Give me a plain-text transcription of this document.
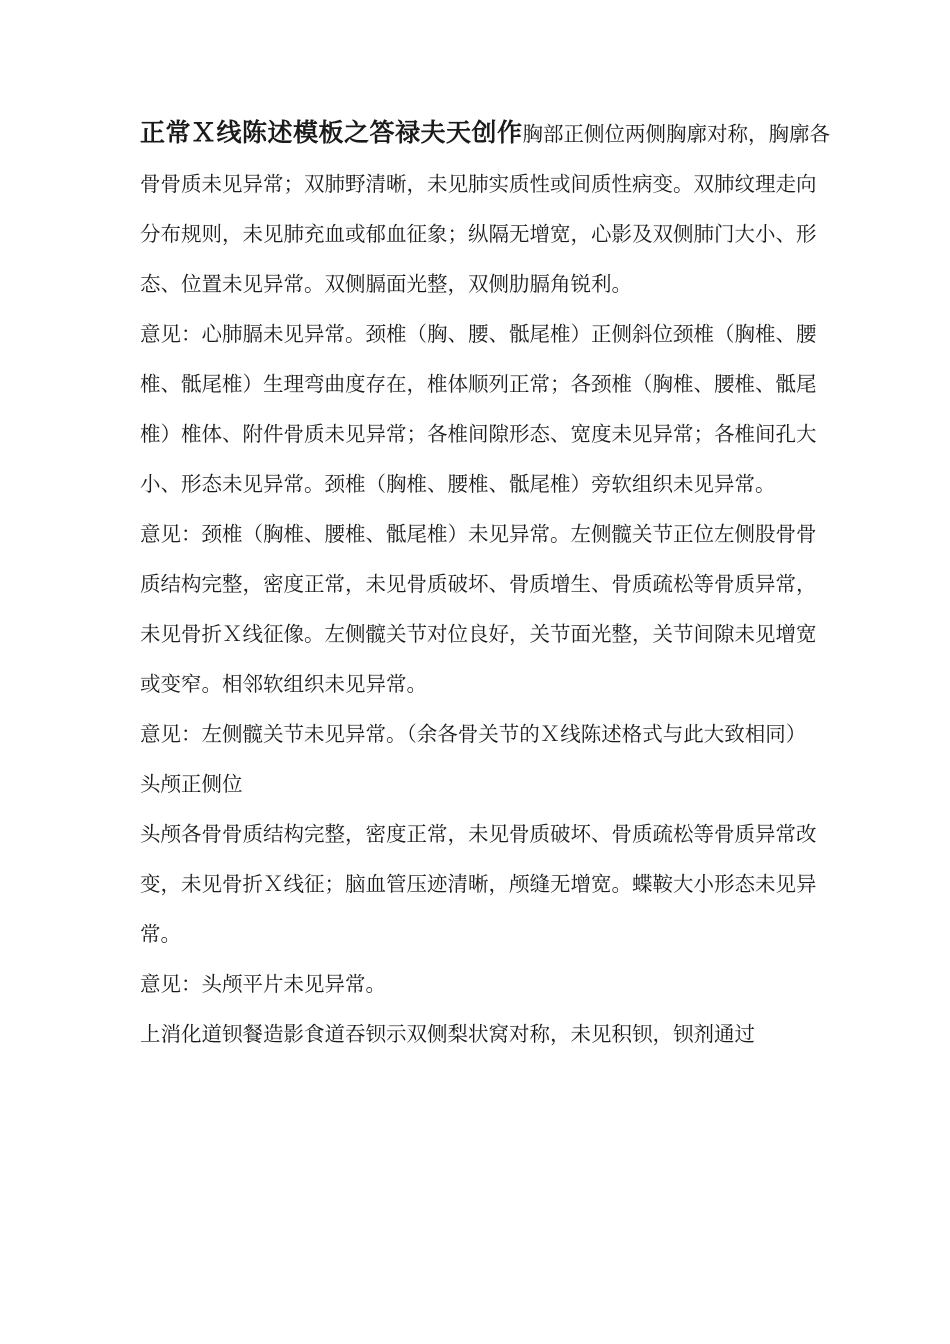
正常Ｘ线陈述模板之答禄夫天创作胸部正侧位两侧胸廓对称，胸廓各骨骨质未见异常；双肺野清晰，未见肺实质性或间质性病变。双肺纹理走向分布规则，未见肺充血或郁血征象；纵隔无增宽，心影及双侧肺门大小、形态、位置未见异常。双侧膈面光整，双侧肋膈角锐利。

意见：心肺膈未见异常。颈椎（胸、腰、骶尾椎）正侧斜位颈椎（胸椎、腰椎、骶尾椎）生理弯曲度存在，椎体顺列正常；各颈椎（胸椎、腰椎、骶尾椎）椎体、附件骨质未见异常；各椎间隙形态、宽度未见异常；各椎间孔大小、形态未见异常。颈椎（胸椎、腰椎、骶尾椎）旁软组织未见异常。

意见：颈椎（胸椎、腰椎、骶尾椎）未见异常。左侧髋关节正位左侧股骨骨质结构完整，密度正常，未见骨质破坏、骨质增生、骨质疏松等骨质异常，未见骨折Ｘ线征像。左侧髋关节对位良好，关节面光整，关节间隙未见增宽或变窄。相邻软组织未见异常。

意见：左侧髋关节未见异常。（余各骨关节的Ｘ线陈述格式与此大致相同）

头颅正侧位

头颅各骨骨质结构完整，密度正常，未见骨质破坏、骨质疏松等骨质异常改变，未见骨折Ｘ线征；脑血管压迹清晰，颅缝无增宽。蝶鞍大小形态未见异常。

意见：头颅平片未见异常。

上消化道钡餐造影食道吞钡示双侧梨状窝对称，未见积钡，钡剂通过
